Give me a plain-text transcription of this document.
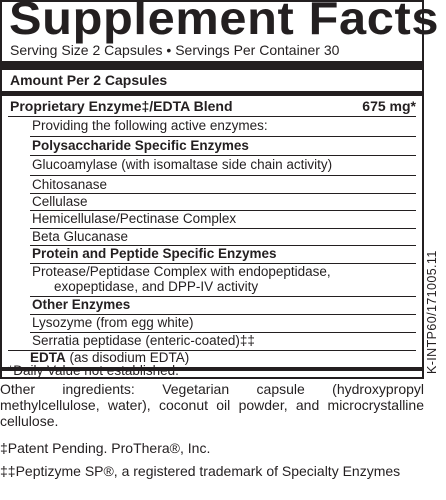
Supplement Facts
Serving Size 2 Capsules • Servings Per Container 30
Amount Per 2 Capsules
Proprietary Enzyme‡/EDTA Blend	675 mg*
Providing the following active enzymes:
Polysaccharide Specific Enzymes
Glucoamylase (with isomaltase side chain activity)
Chitosanase
Cellulase
Hemicellulase/Pectinase Complex
Beta Glucanase
Protein and Peptide Specific Enzymes
Protease/Peptidase Complex with endopeptidase,
exopeptidase, and DPP-IV activity
Other Enzymes
Lysozyme (from egg white)
Serratia peptidase (enteric-coated)‡‡
EDTA (as disodium EDTA)
*Daily Value not established.	K-INTP60/171005.11
Other ingredients: Vegetarian capsule (hydroxypropyl methylcellulose, water), coconut oil powder, and microcrystalline cellulose.
‡Patent Pending. ProThera®, Inc.
‡‡Peptizyme SP®, a registered trademark of Specialty Enzymes
